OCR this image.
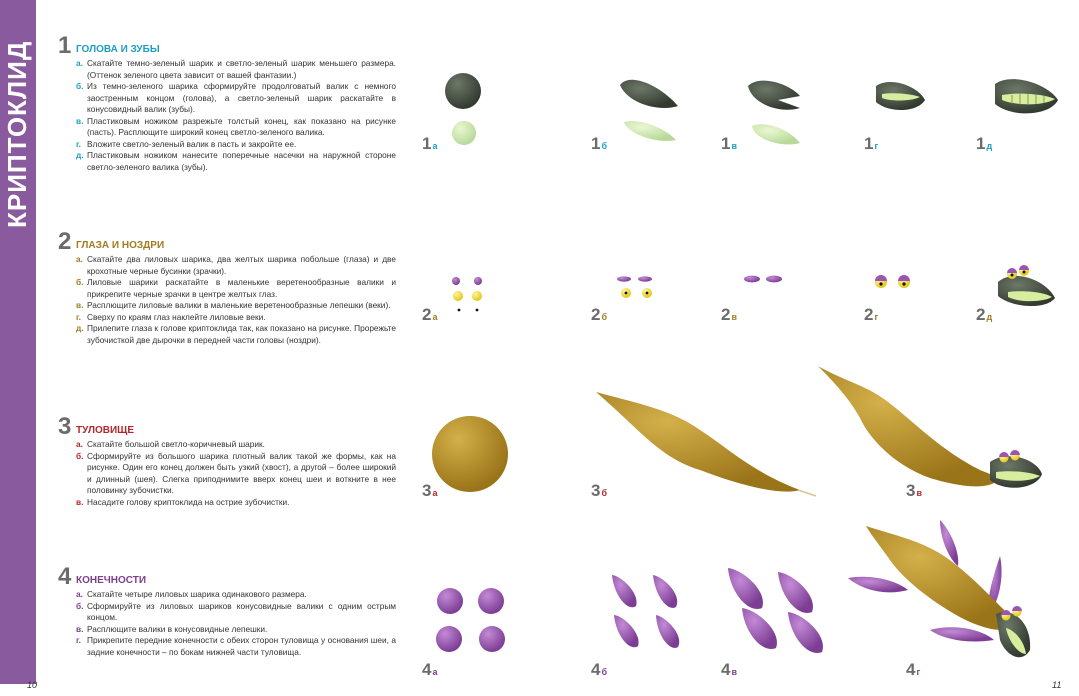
КРИПТОКЛИД
10	11
1 ГОЛОВА И ЗУБЫ
а. Скатайте темно-зеленый шарик и светло-зеленый шарик меньшего размера. (Оттенок зеленого цвета зависит от вашей фантазии.)
б. Из темно-зеленого шарика сформируйте продолговатый валик с немного заостренным концом (голова), а светло-зеленый шарик раскатайте в конусовидный валик (зубы).
в. Пластиковым ножиком разрежьте толстый конец, как показано на рисунке (пасть). Расплющите широкий конец светло-зеленого валика.
г. Вложите светло-зеленый валик в пасть и закройте ее.
д. Пластиковым ножиком нанесите поперечные насечки на наружной стороне светло-зеленого валика (зубы).
2 ГЛАЗА И НОЗДРИ
а. Скатайте два лиловых шарика, два желтых шарика побольше (глаза) и две крохотные черные бусинки (зрачки).
б. Лиловые шарики раскатайте в маленькие веретенообразные валики и прикрепите черные зрачки в центре желтых глаз.
в. Расплющите лиловые валики в маленькие веретенообразные лепешки (веки).
г. Сверху по краям глаз наклейте лиловые веки.
д. Прилепите глаза к голове криптоклида так, как показано на рисунке. Прорежьте зубочисткой две дырочки в передней части головы (ноздри).
3 ТУЛОВИЩЕ
а. Скатайте большой светло-коричневый шарик.
б. Сформируйте из большого шарика плотный валик такой же формы, как на рисунке. Один его конец должен быть узкий (хвост), а другой – более широкий и длинный (шея). Слегка приподнимите вверх конец шеи и воткните в нее половинку зубочистки.
в. Насадите голову криптоклида на острие зубочистки.
4 КОНЕЧНОСТИ
а. Скатайте четыре лиловых шарика одинакового размера.
б. Сформируйте из лиловых шариков конусовидные валики с одним острым концом.
в. Расплющите валики в конусовидные лепешки.
г. Прикрепите передние конечности с обеих сторон туловища у основания шеи, а задние конечности – по бокам нижней части туловища.
1а	1б	1в	1г	1д
2а	2б	2в	2г	2д
3а	3б	3в
4а	4б	4в	4г
